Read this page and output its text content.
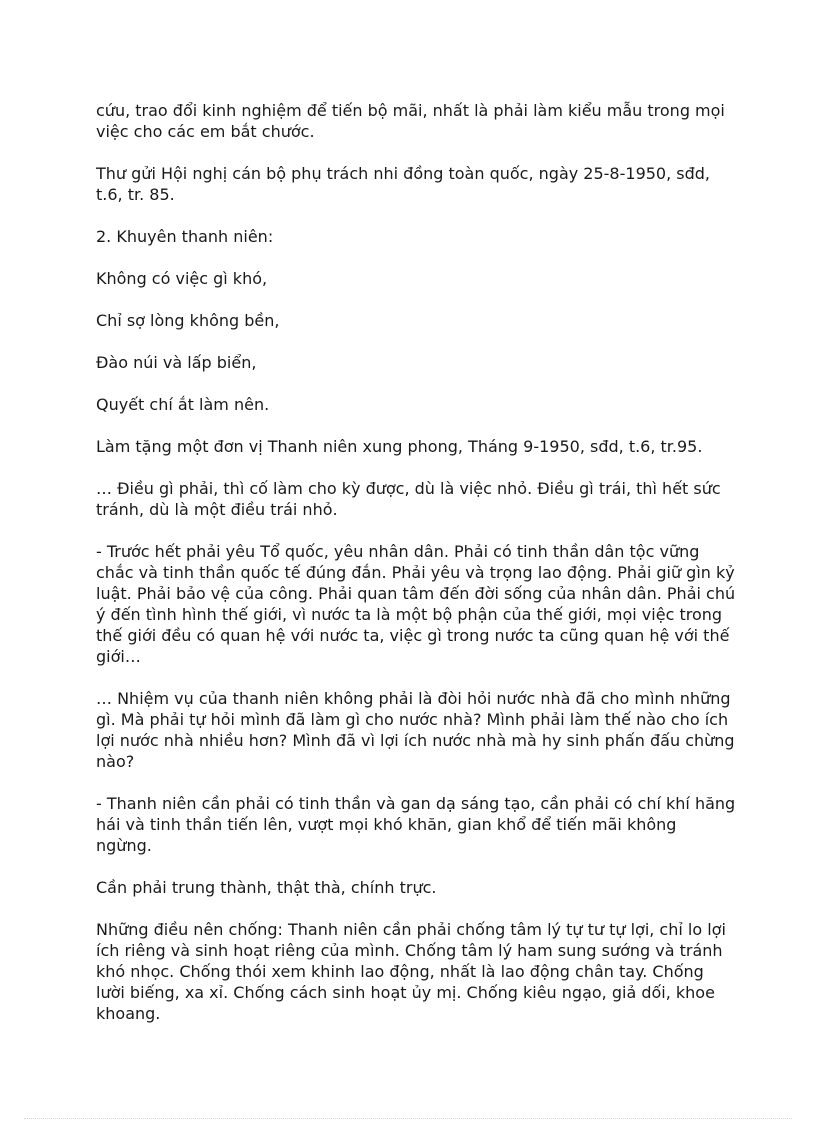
cứu, trao đổi kinh nghiệm để tiến bộ mãi, nhất là phải làm kiểu mẫu trong mọi việc cho các em bắt chước.

Thư gửi Hội nghị cán bộ phụ trách nhi đồng toàn quốc, ngày 25-8-1950, sđd, t.6, tr. 85.

2. Khuyên thanh niên:

Không có việc gì khó,

Chỉ sợ lòng không bền,

Đào núi và lấp biển,

Quyết chí ắt làm nên.

Làm tặng một đơn vị Thanh niên xung phong, Tháng 9-1950, sđd, t.6, tr.95.

… Điều gì phải, thì cố làm cho kỳ được, dù là việc nhỏ. Điều gì trái, thì hết sức tránh, dù là một điều trái nhỏ.

- Trước hết phải yêu Tổ quốc, yêu nhân dân. Phải có tinh thần dân tộc vững chắc và tinh thần quốc tế đúng đắn. Phải yêu và trọng lao động. Phải giữ gìn kỷ luật. Phải bảo vệ của công. Phải quan tâm đến đời sống của nhân dân. Phải chú ý đến tình hình thế giới, vì nước ta là một bộ phận của thế giới, mọi việc trong thế giới đều có quan hệ với nước ta, việc gì trong nước ta cũng quan hệ với thế giới…

… Nhiệm vụ của thanh niên không phải là đòi hỏi nước nhà đã cho mình những gì. Mà phải tự hỏi mình đã làm gì cho nước nhà? Mình phải làm thế nào cho ích lợi nước nhà nhiều hơn? Mình đã vì lợi ích nước nhà mà hy sinh phấn đấu chừng nào?

- Thanh niên cần phải có tinh thần và gan dạ sáng tạo, cần phải có chí khí hăng hái và tinh thần tiến lên, vượt mọi khó khăn, gian khổ để tiến mãi không ngừng.

Cần phải trung thành, thật thà, chính trực.

Những điều nên chống: Thanh niên cần phải chống tâm lý tự tư tự lợi, chỉ lo lợi ích riêng và sinh hoạt riêng của mình. Chống tâm lý ham sung sướng và tránh khó nhọc. Chống thói xem khinh lao động, nhất là lao động chân tay. Chống lười biếng, xa xỉ. Chống cách sinh hoạt ủy mị. Chống kiêu ngạo, giả dối, khoe khoang.
